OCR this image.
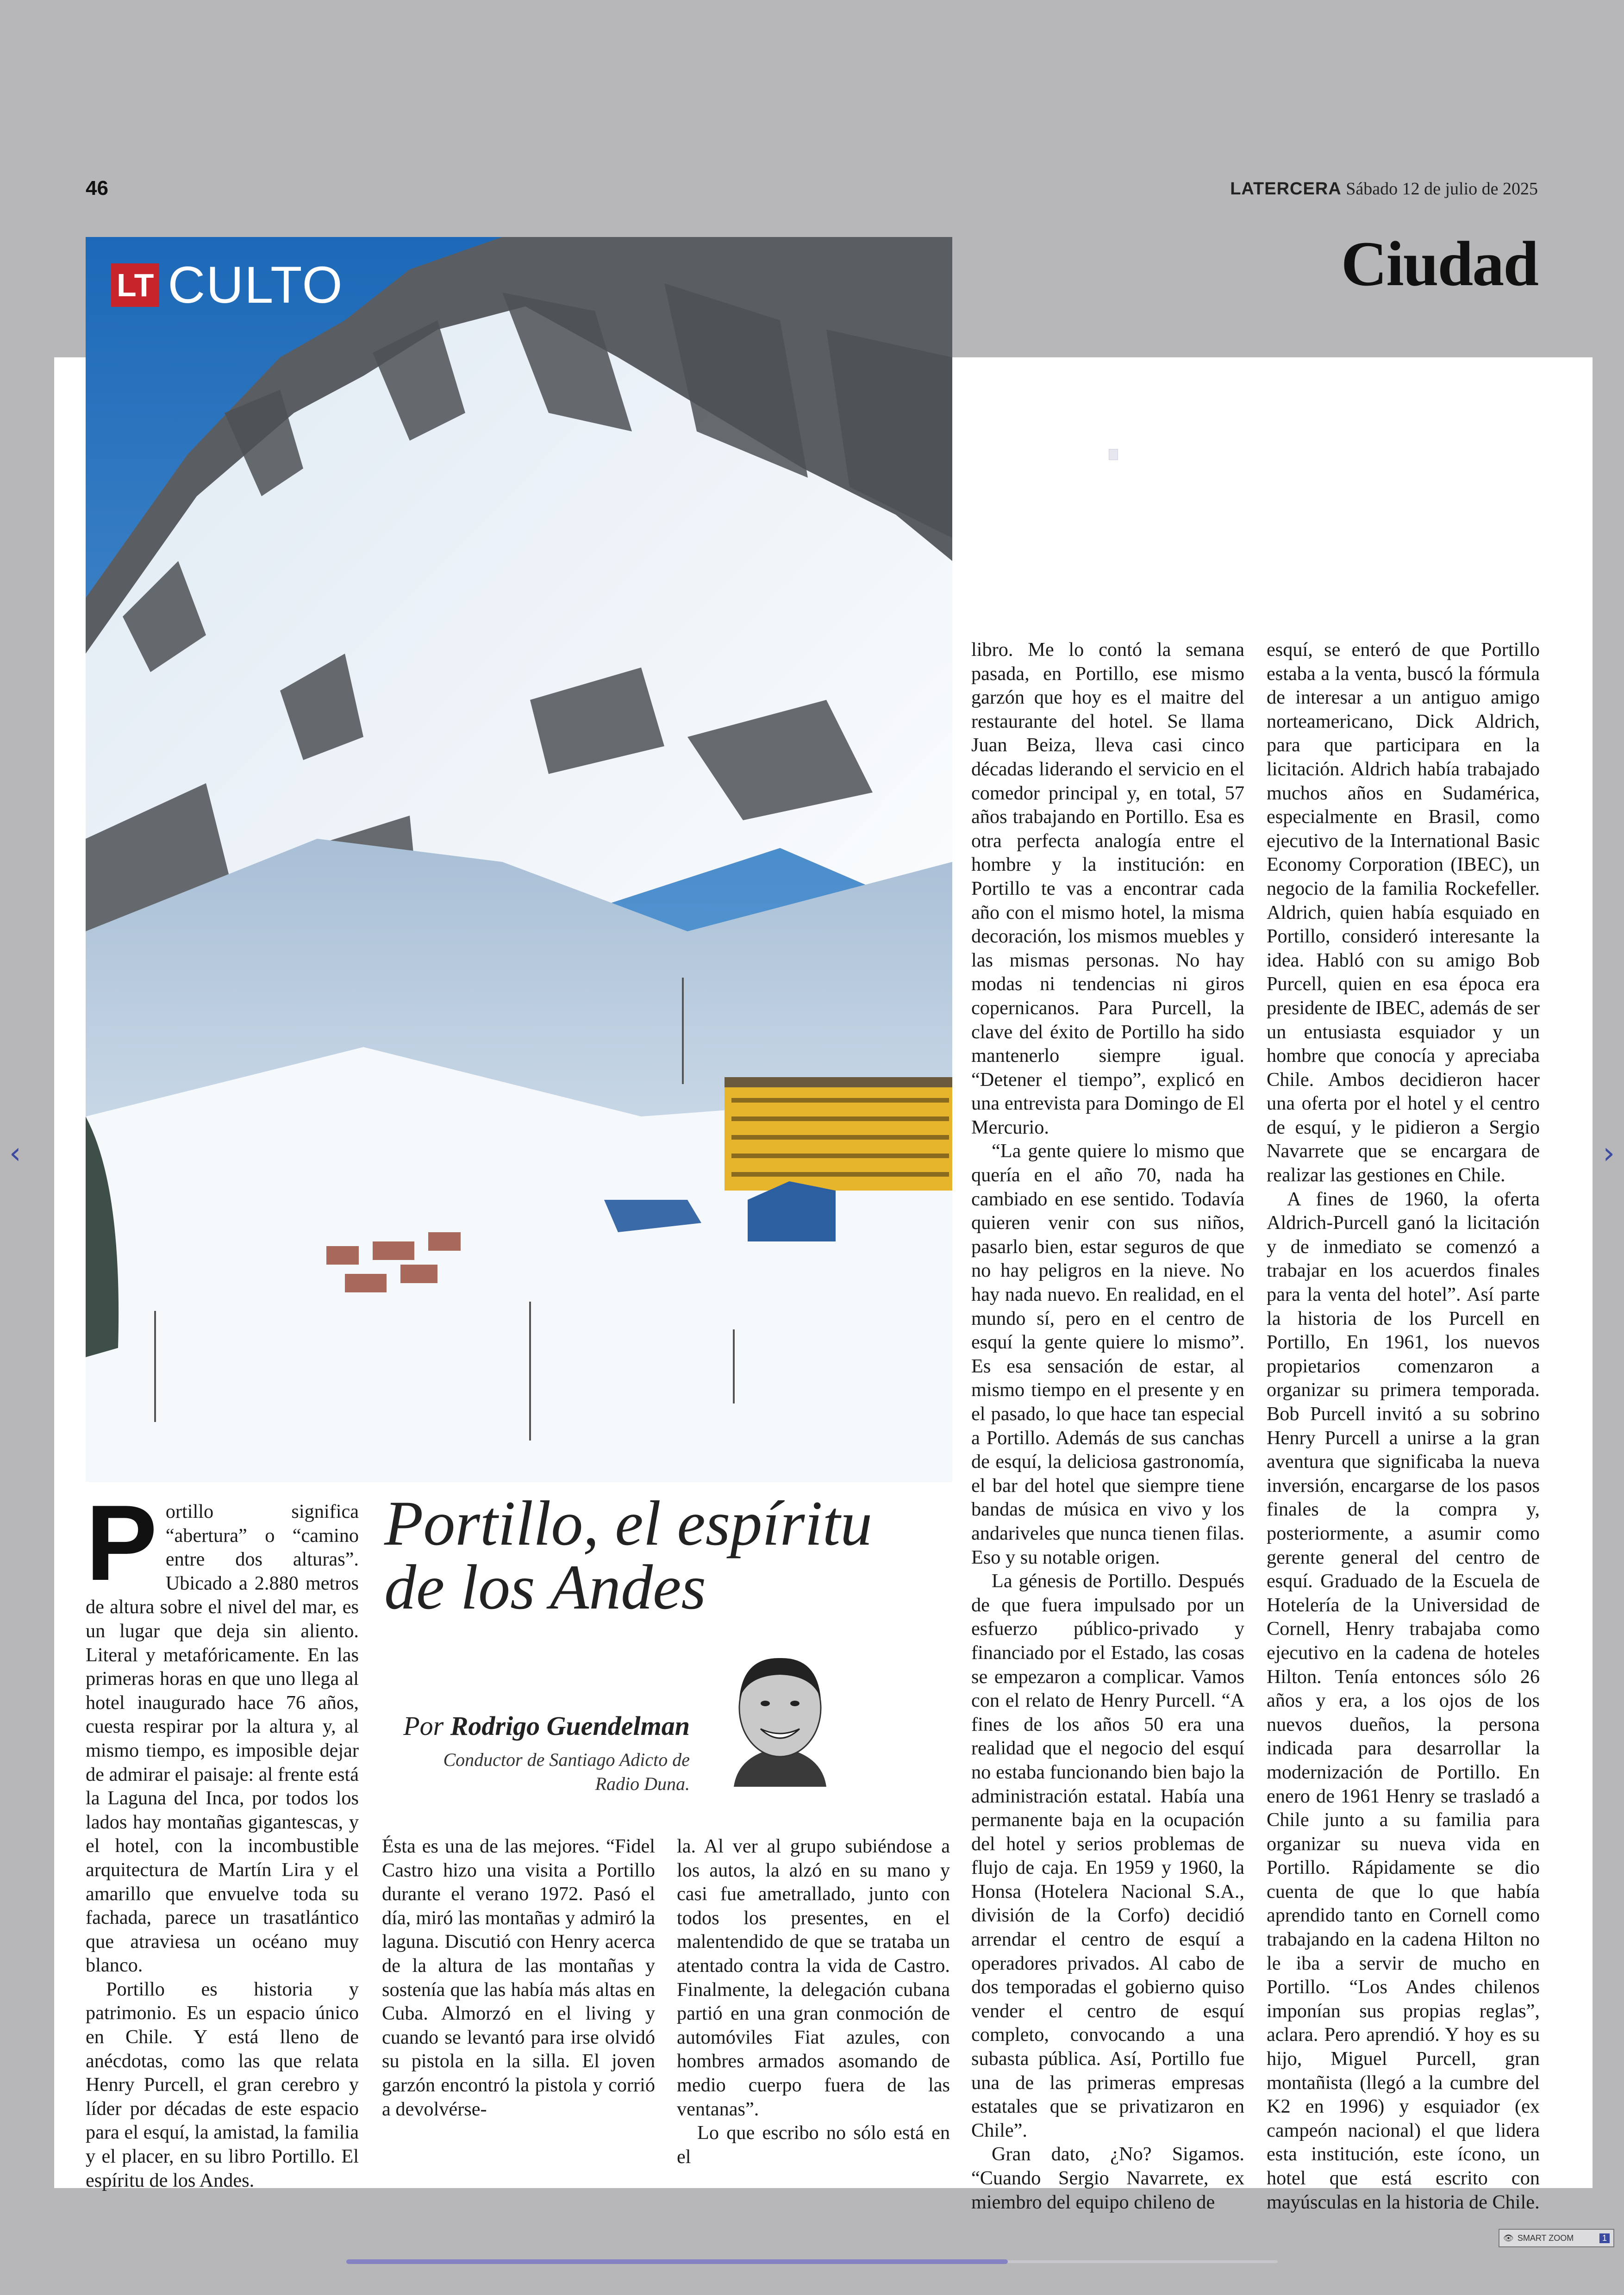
46	LATERCERA Sábado 12 de julio de 2025
Ciudad
LT CULTO
Portillo, el espíritu de los Andes
Por Rodrigo Guendelman
Conductor de Santiago Adicto de Radio Duna.
P ortillo significa “abertura” o “camino entre dos alturas”. Ubicado a 2.880 metros de altura sobre el nivel del mar, es un lugar que deja sin aliento. Literal y metafóricamente. En las primeras horas en que uno llega al hotel inaugurado hace 76 años, cuesta respirar por la altura y, al mismo tiempo, es imposible dejar de admirar el paisaje: al frente está la Laguna del Inca, por todos los lados hay montañas gigantescas, y el hotel, con la incombustible arquitectura de Martín Lira y el amarillo que envuelve toda su fachada, parece un trasatlántico que atraviesa un océano muy blanco.

Portillo es historia y patrimonio. Es un espacio único en Chile. Y está lleno de anécdotas, como las que relata Henry Purcell, el gran cerebro y líder por décadas de este espacio para el esquí, la amistad, la familia y el placer, en su libro Portillo. El espíritu de los Andes.

Ésta es una de las mejores. “Fidel Castro hizo una visita a Portillo durante el verano 1972. Pasó el día, miró las montañas y admiró la laguna. Discutió con Henry acerca de la altura de las montañas y sostenía que las había más altas en Cuba. Almorzó en el living y cuando se levantó para irse olvidó su pistola en la silla. El joven garzón encontró la pistola y corrió a devolvérse-

la. Al ver al grupo subiéndose a los autos, la alzó en su mano y casi fue ametrallado, junto con todos los presentes, en el malentendido de que se trataba un atentado contra la vida de Castro. Finalmente, la delegación cubana partió en una gran conmoción de automóviles Fiat azules, con hombres armados asomando de medio cuerpo fuera de las ventanas”.

Lo que escribo no sólo está en el

libro. Me lo contó la semana pasada, en Portillo, ese mismo garzón que hoy es el maitre del restaurante del hotel. Se llama Juan Beiza, lleva casi cinco décadas liderando el servicio en el comedor principal y, en total, 57 años trabajando en Portillo. Esa es otra perfecta analogía entre el hombre y la institución: en Portillo te vas a encontrar cada año con el mismo hotel, la misma decoración, los mismos muebles y las mismas personas. No hay modas ni tendencias ni giros copernicanos. Para Purcell, la clave del éxito de Portillo ha sido mantenerlo siempre igual. “Detener el tiempo”, explicó en una entrevista para Domingo de El Mercurio.

“La gente quiere lo mismo que quería en el año 70, nada ha cambiado en ese sentido. Todavía quieren venir con sus niños, pasarlo bien, estar seguros de que no hay peligros en la nieve. No hay nada nuevo. En realidad, en el mundo sí, pero en el centro de esquí la gente quiere lo mismo”. Es esa sensación de estar, al mismo tiempo en el presente y en el pasado, lo que hace tan especial a Portillo. Además de sus canchas de esquí, la deliciosa gastronomía, el bar del hotel que siempre tiene bandas de música en vivo y los andariveles que nunca tienen filas. Eso y su notable origen.

La génesis de Portillo. Después de que fuera impulsado por un esfuerzo público-privado y financiado por el Estado, las cosas se empezaron a complicar. Vamos con el relato de Henry Purcell. “A fines de los años 50 era una realidad que el negocio del esquí no estaba funcionando bien bajo la administración estatal. Había una permanente baja en la ocupación del hotel y serios problemas de flujo de caja. En 1959 y 1960, la Honsa (Hotelera Nacional S.A., división de la Corfo) decidió arrendar el centro de esquí a operadores privados. Al cabo de dos temporadas el gobierno quiso vender el centro de esquí completo, convocando a una subasta pública. Así, Portillo fue una de las primeras empresas estatales que se privatizaron en Chile”.

Gran dato, ¿No? Sigamos. “Cuando Sergio Navarrete, ex miembro del equipo chileno de

esquí, se enteró de que Portillo estaba a la venta, buscó la fórmula de interesar a un antiguo amigo norteamericano, Dick Aldrich, para que participara en la licitación. Aldrich había trabajado muchos años en Sudamérica, especialmente en Brasil, como ejecutivo de la International Basic Economy Corporation (IBEC), un negocio de la familia Rockefeller. Aldrich, quien había esquiado en Portillo, consideró interesante la idea. Habló con su amigo Bob Purcell, quien en esa época era presidente de IBEC, además de ser un entusiasta esquiador y un hombre que conocía y apreciaba Chile. Ambos decidieron hacer una oferta por el hotel y el centro de esquí, y le pidieron a Sergio Navarrete que se encargara de realizar las gestiones en Chile.

A fines de 1960, la oferta Aldrich-Purcell ganó la licitación y de inmediato se comenzó a trabajar en los acuerdos finales para la venta del hotel”. Así parte la historia de los Purcell en Portillo, En 1961, los nuevos propietarios comenzaron a organizar su primera temporada. Bob Purcell invitó a su sobrino Henry Purcell a unirse a la gran aventura que significaba la nueva inversión, encargarse de los pasos finales de la compra y, posteriormente, a asumir como gerente general del centro de esquí. Graduado de la Escuela de Hotelería de la Universidad de Cornell, Henry trabajaba como ejecutivo en la cadena de hoteles Hilton. Tenía entonces sólo 26 años y era, a los ojos de los nuevos dueños, la persona indicada para desarrollar la modernización de Portillo. En enero de 1961 Henry se trasladó a Chile junto a su familia para organizar su nueva vida en Portillo. Rápidamente se dio cuenta de que lo que había aprendido tanto en Cornell como trabajando en la cadena Hilton no le iba a servir de mucho en Portillo. “Los Andes chilenos imponían sus propias reglas”, aclara. Pero aprendió. Y hoy es su hijo, Miguel Purcell, gran montañista (llegó a la cumbre del K2 en 1996) y esquiador (ex campeón nacional) el que lidera esta institución, este ícono, un hotel que está escrito con mayúsculas en la historia de Chile.

‹	›
👁 SMART ZOOM	1
